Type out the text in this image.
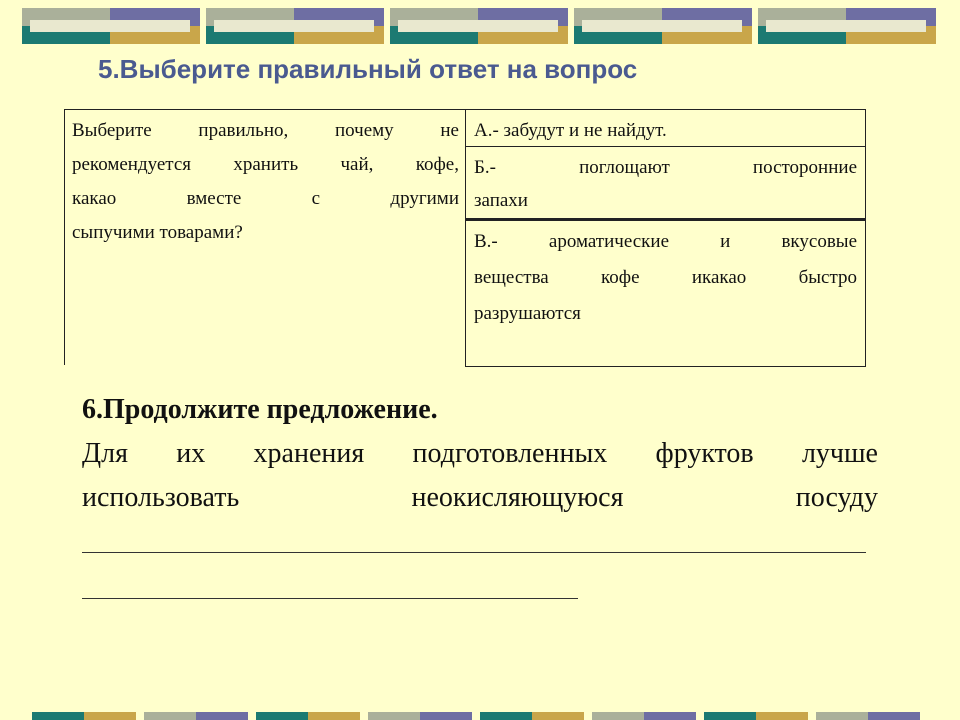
5.Выберите правильный ответ на вопрос
Выберите правильно, почему не
рекомендуется хранить чай, кофе,
какао вместе с другими
сыпучими товарами?
А.- забудут и не найдут.
Б.- поглощают посторонние
запахи
В.- ароматические и вкусовые
вещества кофе икакао быстро
разрушаются
6.Продолжите предложение.
Для их хранения подготовленных фруктов лучше
использовать неокисляющуюся посуду
